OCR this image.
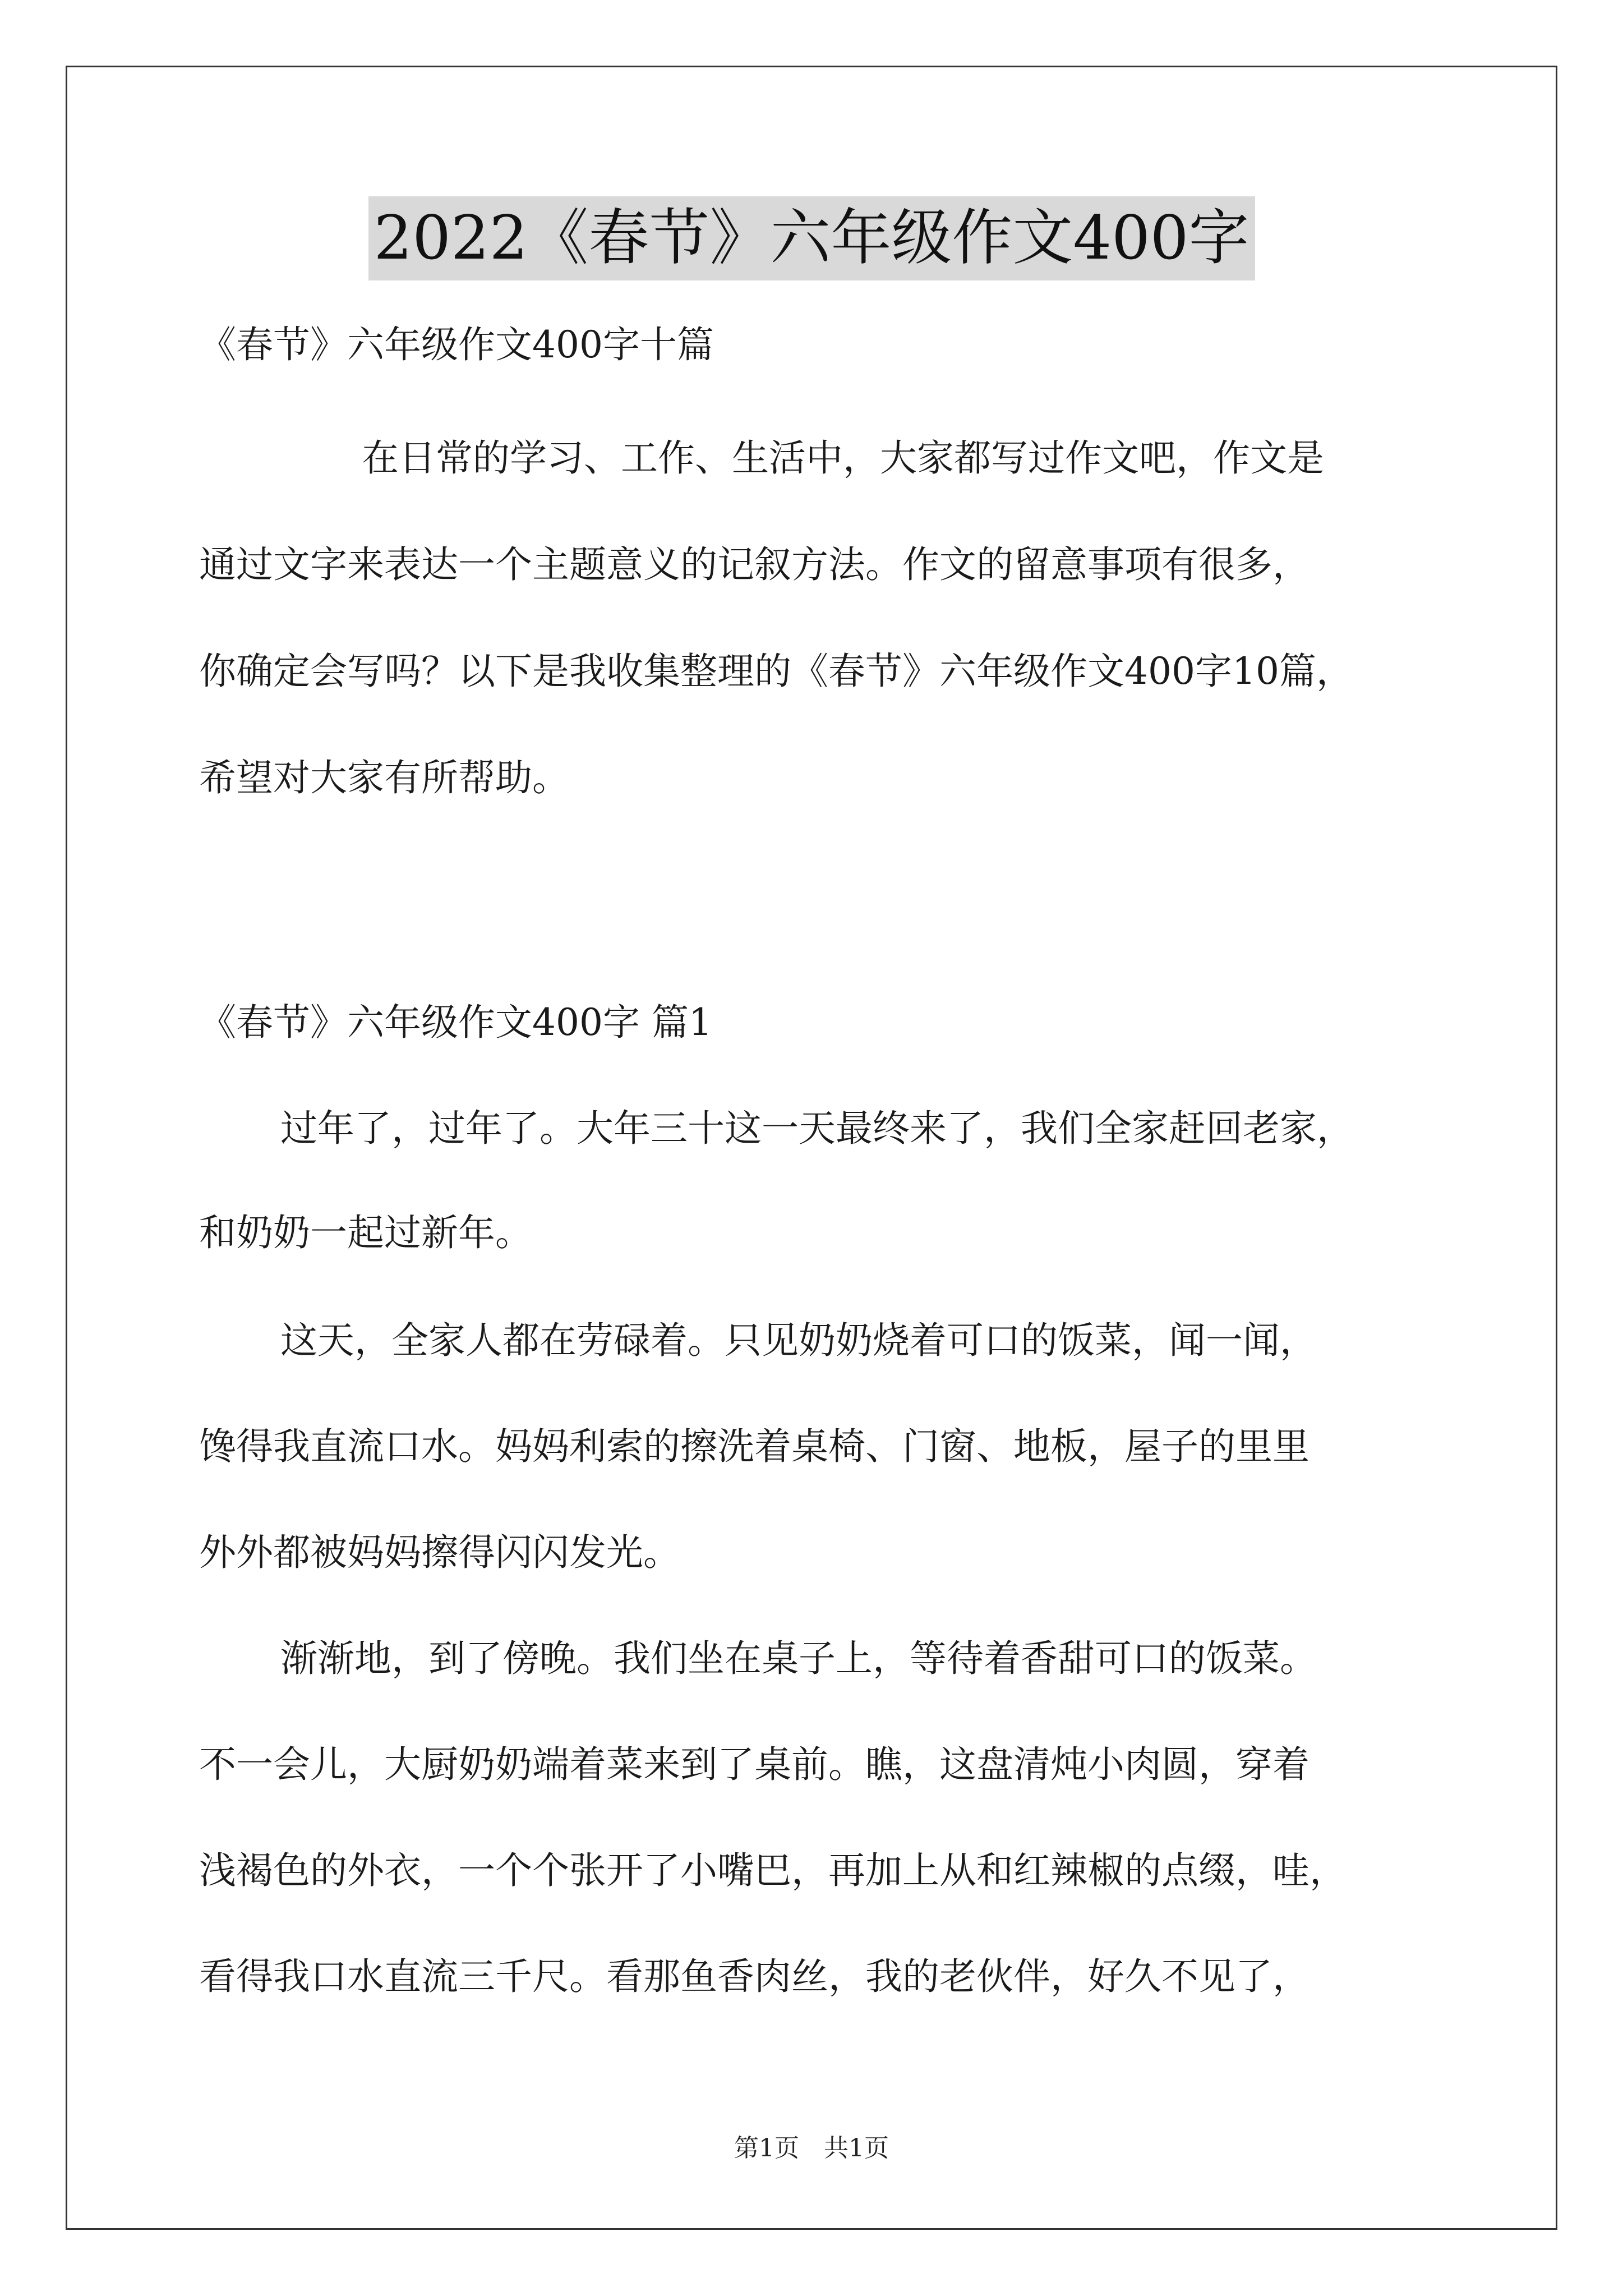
2022《春节》六年级作文400字
《春节》六年级作文400字十篇
在日常的学习、工作、生活中，大家都写过作文吧，作文是
通过文字来表达一个主题意义的记叙方法。作文的留意事项有很多，
你确定会写吗？以下是我收集整理的《春节》六年级作文400字10篇，
希望对大家有所帮助。
《春节》六年级作文400字 篇1
过年了，过年了。大年三十这一天最终来了，我们全家赶回老家，
和奶奶一起过新年。
这天，全家人都在劳碌着。只见奶奶烧着可口的饭菜，闻一闻，
馋得我直流口水。妈妈利索的擦洗着桌椅、门窗、地板，屋子的里里
外外都被妈妈擦得闪闪发光。
渐渐地，到了傍晚。我们坐在桌子上，等待着香甜可口的饭菜。
不一会儿，大厨奶奶端着菜来到了桌前。瞧，这盘清炖小肉圆，穿着
浅褐色的外衣，一个个张开了小嘴巴，再加上从和红辣椒的点缀，哇，
看得我口水直流三千尺。看那鱼香肉丝，我的老伙伴，好久不见了，
第1页　共1页
